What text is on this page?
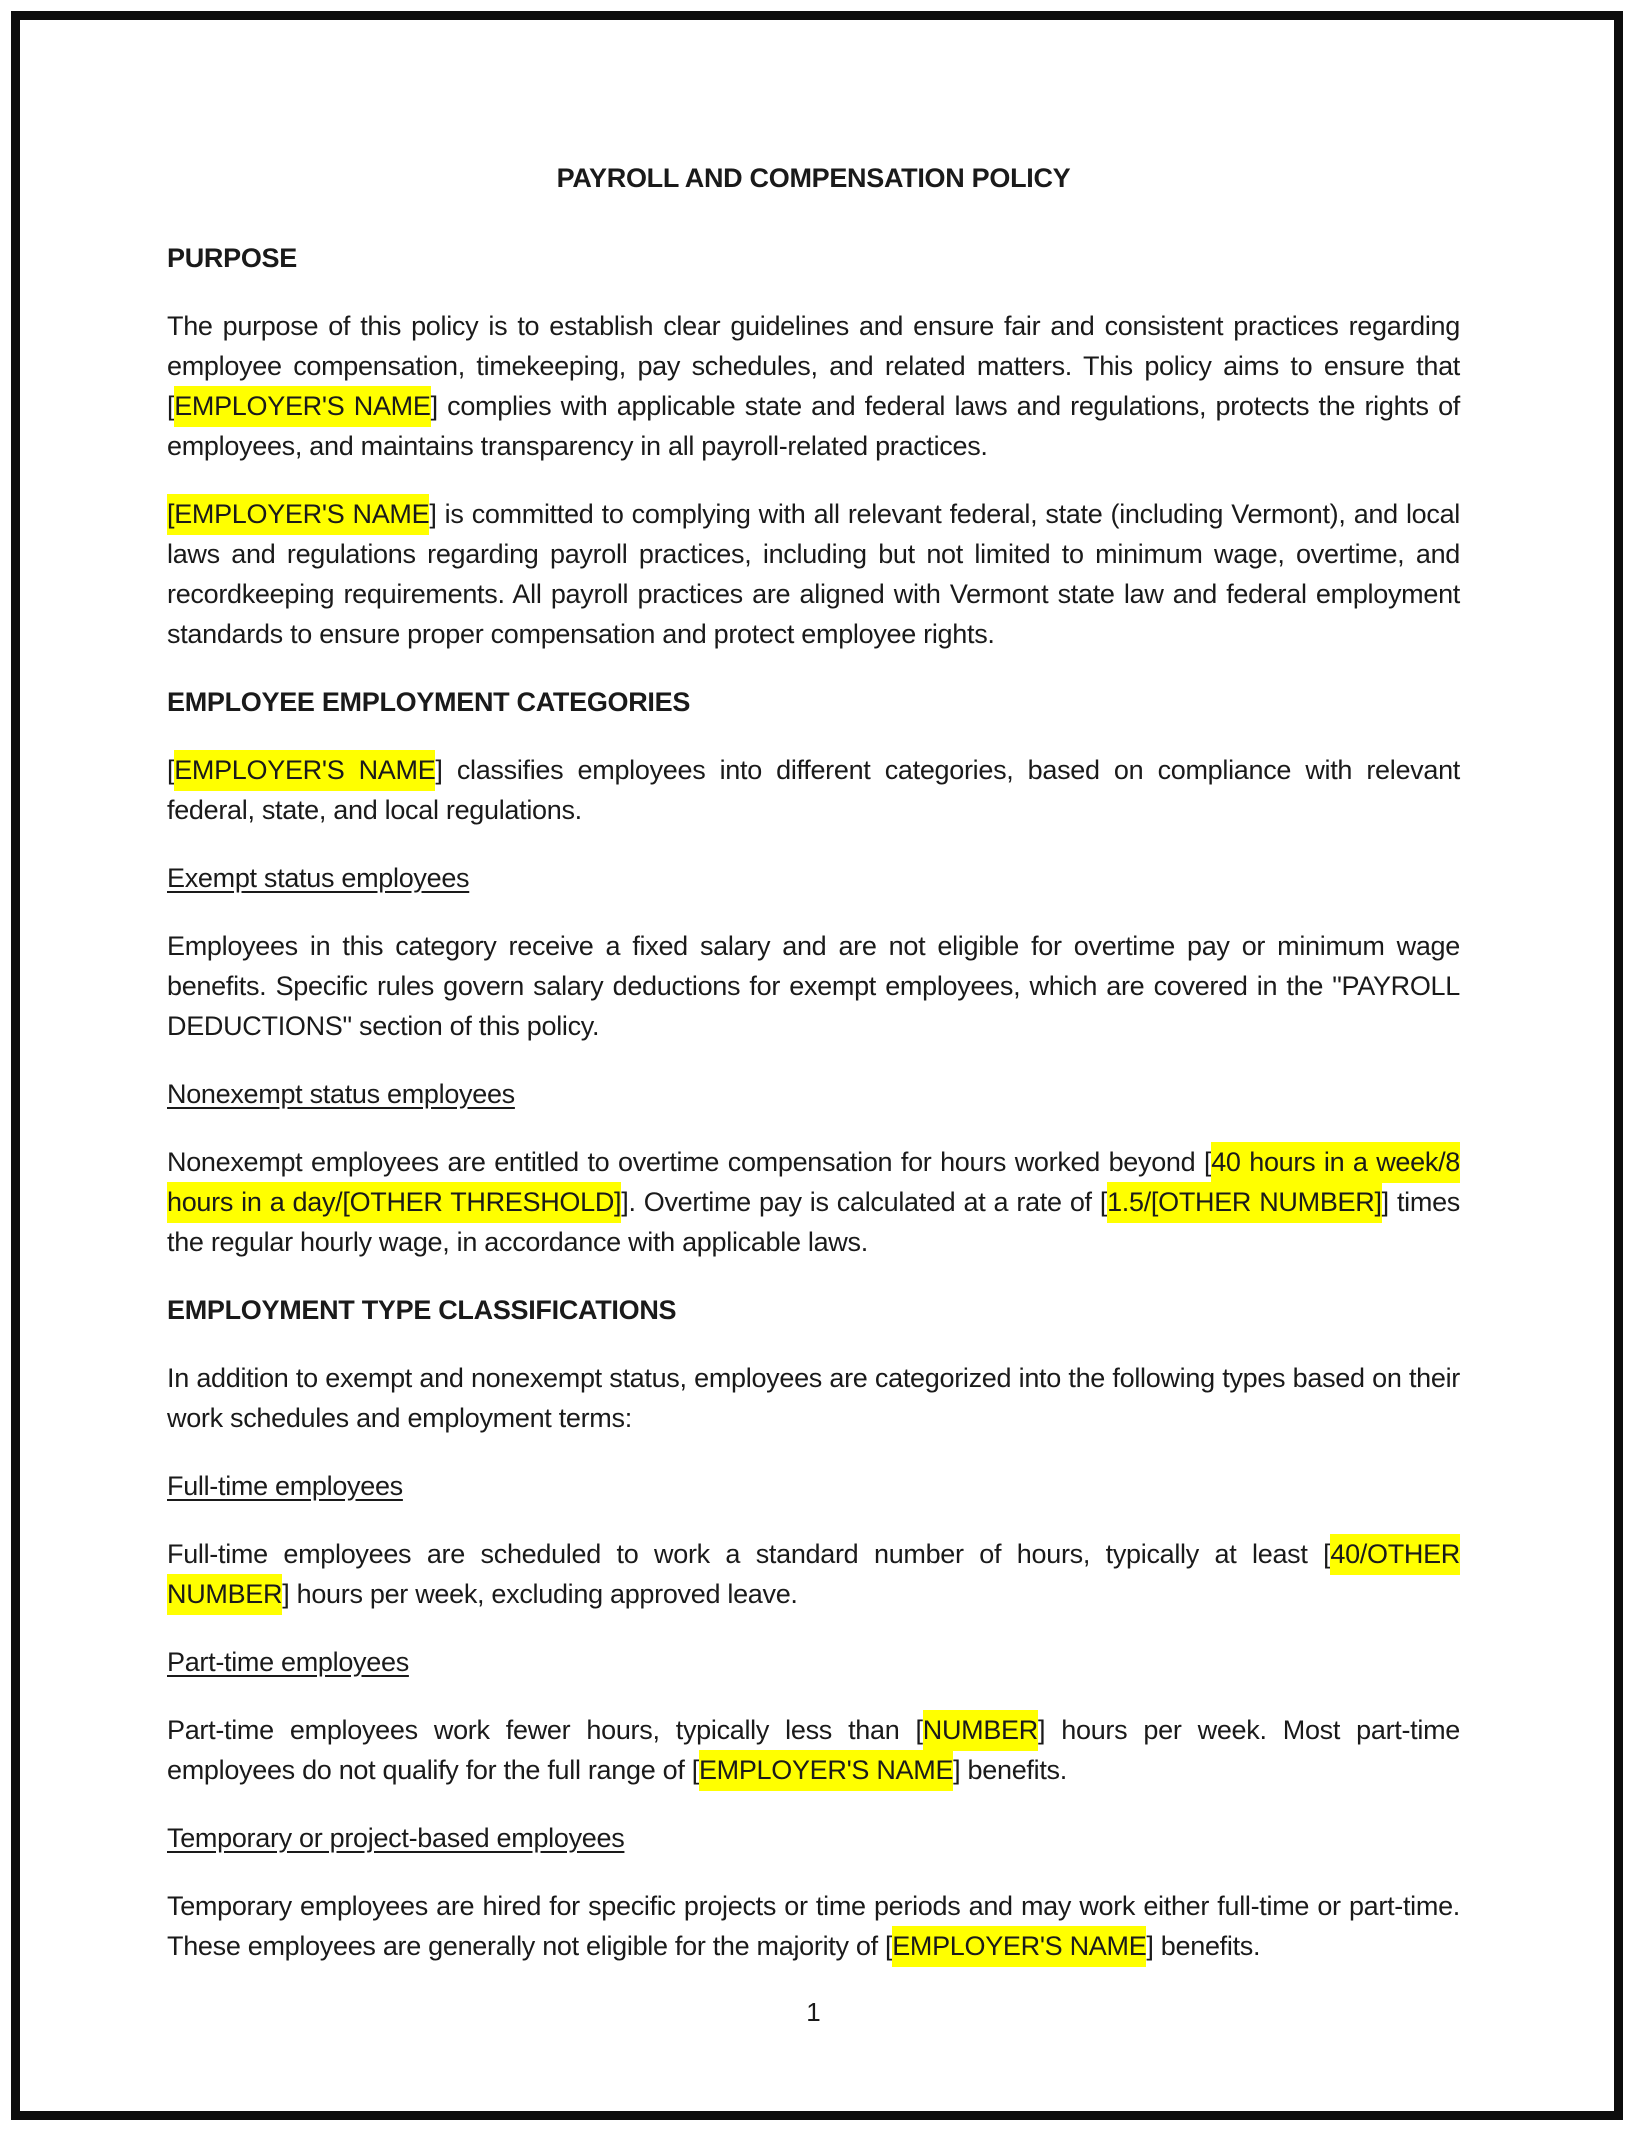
PAYROLL AND COMPENSATION POLICY

PURPOSE

The purpose of this policy is to establish clear guidelines and ensure fair and consistent practices regarding employee compensation, timekeeping, pay schedules, and related matters. This policy aims to ensure that [EMPLOYER'S NAME] complies with applicable state and federal laws and regulations, protects the rights of employees, and maintains transparency in all payroll-related practices.

[EMPLOYER'S NAME] is committed to complying with all relevant federal, state (including Vermont), and local laws and regulations regarding payroll practices, including but not limited to minimum wage, overtime, and recordkeeping requirements. All payroll practices are aligned with Vermont state law and federal employment standards to ensure proper compensation and protect employee rights.

EMPLOYEE EMPLOYMENT CATEGORIES

[EMPLOYER'S NAME] classifies employees into different categories, based on compliance with relevant federal, state, and local regulations.

Exempt status employees

Employees in this category receive a fixed salary and are not eligible for overtime pay or minimum wage benefits. Specific rules govern salary deductions for exempt employees, which are covered in the "PAYROLL DEDUCTIONS" section of this policy.

Nonexempt status employees

Nonexempt employees are entitled to overtime compensation for hours worked beyond [40 hours in a week/8 hours in a day/[OTHER THRESHOLD]]. Overtime pay is calculated at a rate of [1.5/[OTHER NUMBER]] times the regular hourly wage, in accordance with applicable laws.

EMPLOYMENT TYPE CLASSIFICATIONS

In addition to exempt and nonexempt status, employees are categorized into the following types based on their work schedules and employment terms:

Full-time employees

Full-time employees are scheduled to work a standard number of hours, typically at least [40/OTHER NUMBER] hours per week, excluding approved leave.

Part-time employees

Part-time employees work fewer hours, typically less than [NUMBER] hours per week. Most part-time employees do not qualify for the full range of [EMPLOYER'S NAME] benefits.

Temporary or project-based employees

Temporary employees are hired for specific projects or time periods and may work either full-time or part-time. These employees are generally not eligible for the majority of [EMPLOYER'S NAME] benefits.

1
